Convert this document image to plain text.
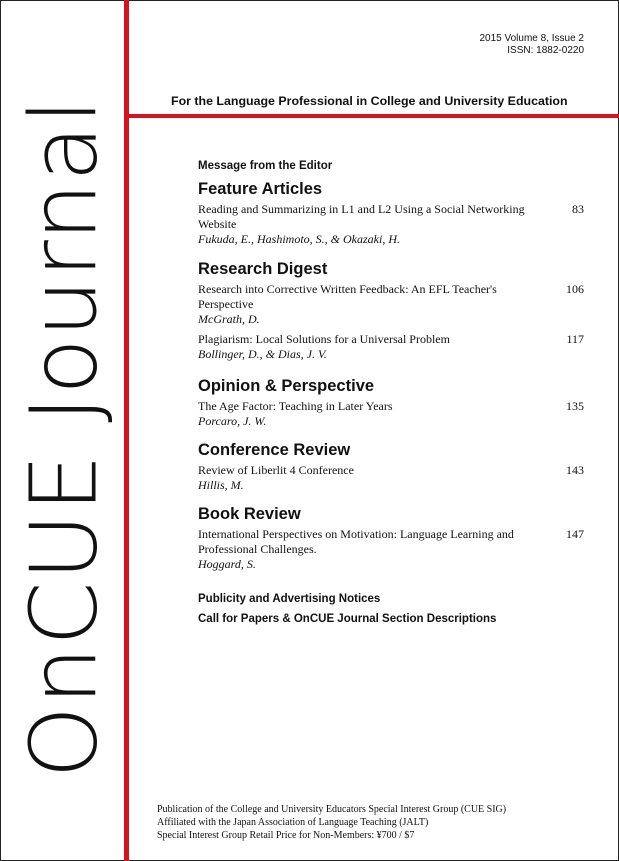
OnCUE Journal
2015 Volume 8, Issue 2
ISSN: 1882-0220
For the Language Professional in College and University Education
Message from the Editor
Feature Articles
83
Reading and Summarizing in L1 and L2 Using a Social Networking Website
Fukuda, E., Hashimoto, S., & Okazaki, H.
Research Digest
106
Research into Corrective Written Feedback: An EFL Teacher's Perspective
McGrath, D.
117
Plagiarism: Local Solutions for a Universal Problem
Bollinger, D., & Dias, J. V.
Opinion & Perspective
135
The Age Factor: Teaching in Later Years
Porcaro, J. W.
Conference Review
143
Review of Liberlit 4 Conference
Hillis, M.
Book Review
147
International Perspectives on Motivation: Language Learning and Professional Challenges.
Hoggard, S.
Publicity and Advertising Notices
Call for Papers & OnCUE Journal Section Descriptions
Publication of the College and University Educators Special Interest Group (CUE SIG)
Affiliated with the Japan Association of Language Teaching (JALT)
Special Interest Group Retail Price for Non-Members: ¥700 / $7
